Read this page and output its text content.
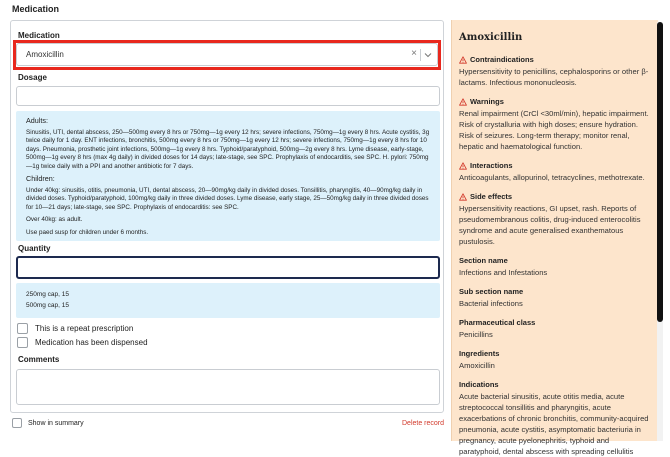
Medication
Medication
Amoxicillin	×
Dosage
Adults:

Sinusitis, UTI, dental abscess, 250—500mg every 8 hrs or 750mg—1g every 12 hrs; severe infections, 750mg—1g every 8 hrs. Acute cystitis, 3g twice daily for 1 day. ENT infections, bronchitis, 500mg every 8 hrs or 750mg—1g every 12 hrs; severe infections, 750mg—1g every 8 hrs for 10 days. Pneumonia, prosthetic joint infections, 500mg—1g every 8 hrs. Typhoid/paratyphoid, 500mg—2g every 8 hrs. Lyme disease, early-stage, 500mg—1g every 8 hrs (max 4g daily) in divided doses for 14 days; late-stage, see SPC. Prophylaxis of endocarditis, see SPC. H. pylori: 750mg—1g twice daily with a PPI and another antibiotic for 7 days.

Children:

Under 40kg: sinusitis, otitis, pneumonia, UTI, dental abscess, 20—90mg/kg daily in divided doses. Tonsillitis, pharyngitis, 40—90mg/kg daily in divided doses. Typhoid/paratyphoid, 100mg/kg daily in three divided doses. Lyme disease, early stage, 25—50mg/kg daily in three divided doses for 10—21 days; late-stage, see SPC. Prophylaxis of endocarditis: see SPC.

Over 40kg: as adult.

Use paed susp for children under 6 months.

Quantity
250mg cap, 15
500mg cap, 15
This is a repeat prescription
Medication has been dispensed
Comments
Show in summary	Delete record
Amoxicillin
Contraindications
Hypersensitivity to penicillins, cephalosporins or other β-lactams. Infectious mononucleosis.
Warnings
Renal impairment (CrCl <30ml/min), hepatic impairment. Risk of crystalluria with high doses; ensure hydration. Risk of seizures. Long-term therapy; monitor renal, hepatic and haematological function.
Interactions
Anticoagulants, allopurinol, tetracyclines, methotrexate.
Side effects
Hypersensitivity reactions, GI upset, rash. Reports of pseudomembranous colitis, drug-induced enterocolitis syndrome and acute generalised exanthematous pustulosis.
Section name
Infections and Infestations
Sub section name
Bacterial infections
Pharmaceutical class
Penicillins
Ingredients
Amoxicillin
Indications
Acute bacterial sinusitis, acute otitis media, acute streptococcal tonsillitis and pharyngitis, acute exacerbations of chronic bronchitis, community-acquired pneumonia, acute cystitis, asymptomatic bacteriuria in pregnancy, acute pyelonephritis, typhoid and paratyphoid, dental abscess with spreading cellulitis
